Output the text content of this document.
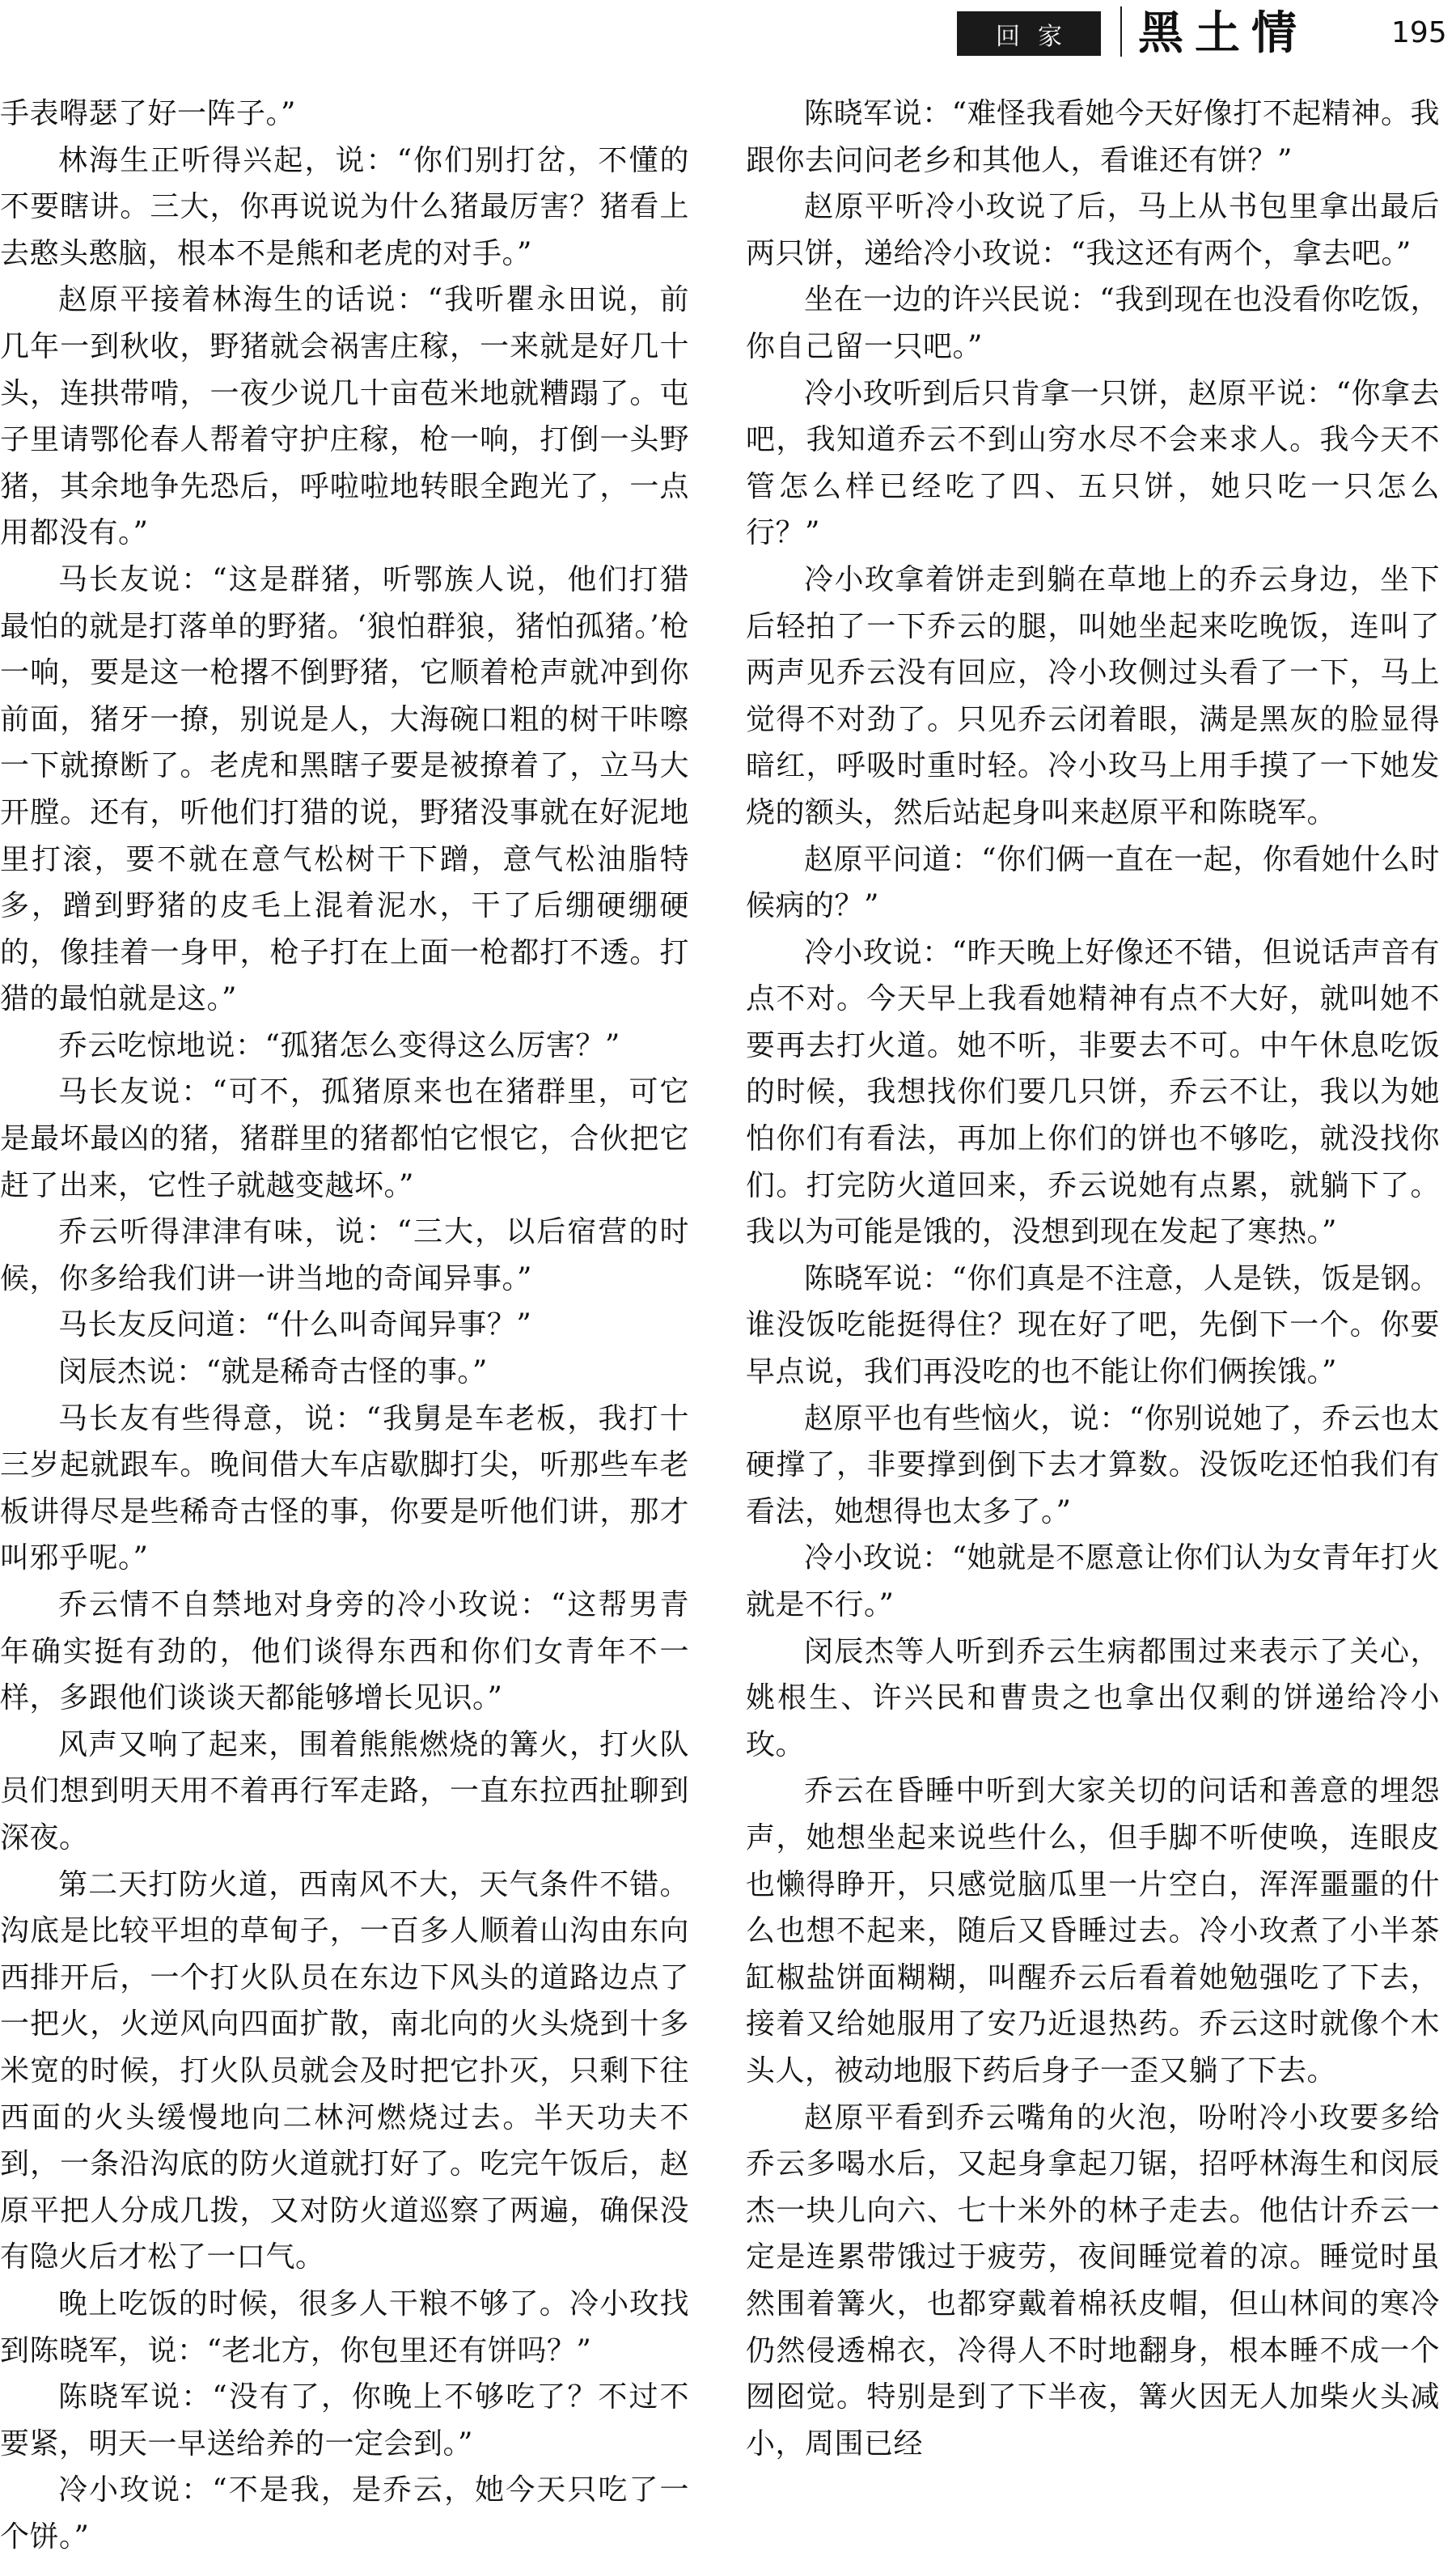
回家	黑土情	195

手表嘚瑟了好一阵子。”

林海生正听得兴起，说：“你们别打岔，不懂的不要瞎讲。三大，你再说说为什么猪最厉害？猪看上去憨头憨脑，根本不是熊和老虎的对手。”

赵原平接着林海生的话说：“我听瞿永田说，前几年一到秋收，野猪就会祸害庄稼，一来就是好几十头，连拱带啃，一夜少说几十亩苞米地就糟蹋了。屯子里请鄂伦春人帮着守护庄稼，枪一响，打倒一头野猪，其余地争先恐后，呼啦啦地转眼全跑光了，一点用都没有。”

马长友说：“这是群猪，听鄂族人说，他们打猎最怕的就是打落单的野猪。‘狼怕群狼，猪怕孤猪。’枪一响，要是这一枪撂不倒野猪，它顺着枪声就冲到你前面，猪牙一撩，别说是人，大海碗口粗的树干咔嚓一下就撩断了。老虎和黑瞎子要是被撩着了，立马大开膛。还有，听他们打猎的说，野猪没事就在好泥地里打滚，要不就在意气松树干下蹭，意气松油脂特多，蹭到野猪的皮毛上混着泥水，干了后绷硬绷硬的，像挂着一身甲，枪子打在上面一枪都打不透。打猎的最怕就是这。”

乔云吃惊地说：“孤猪怎么变得这么厉害？”

马长友说：“可不，孤猪原来也在猪群里，可它是最坏最凶的猪，猪群里的猪都怕它恨它，合伙把它赶了出来，它性子就越变越坏。”

乔云听得津津有味，说：“三大，以后宿营的时候，你多给我们讲一讲当地的奇闻异事。”

马长友反问道：“什么叫奇闻异事？”

闵辰杰说：“就是稀奇古怪的事。”

马长友有些得意，说：“我舅是车老板，我打十三岁起就跟车。晚间借大车店歇脚打尖，听那些车老板讲得尽是些稀奇古怪的事，你要是听他们讲，那才叫邪乎呢。”

乔云情不自禁地对身旁的冷小玫说：“这帮男青年确实挺有劲的，他们谈得东西和你们女青年不一样，多跟他们谈谈天都能够增长见识。”

风声又响了起来，围着熊熊燃烧的篝火，打火队员们想到明天用不着再行军走路，一直东拉西扯聊到深夜。

第二天打防火道，西南风不大，天气条件不错。沟底是比较平坦的草甸子，一百多人顺着山沟由东向西排开后，一个打火队员在东边下风头的道路边点了一把火，火逆风向四面扩散，南北向的火头烧到十多米宽的时候，打火队员就会及时把它扑灭，只剩下往西面的火头缓慢地向二林河燃烧过去。半天功夫不到，一条沿沟底的防火道就打好了。吃完午饭后，赵原平把人分成几拨，又对防火道巡察了两遍，确保没有隐火后才松了一口气。

晚上吃饭的时候，很多人干粮不够了。冷小玫找到陈晓军，说：“老北方，你包里还有饼吗？”

陈晓军说：“没有了，你晚上不够吃了？不过不要紧，明天一早送给养的一定会到。”

冷小玫说：“不是我，是乔云，她今天只吃了一个饼。”

陈晓军说：“难怪我看她今天好像打不起精神。我跟你去问问老乡和其他人，看谁还有饼？”

赵原平听冷小玫说了后，马上从书包里拿出最后两只饼，递给冷小玫说：“我这还有两个，拿去吧。”

坐在一边的许兴民说：“我到现在也没看你吃饭，你自己留一只吧。”

冷小玫听到后只肯拿一只饼，赵原平说：“你拿去吧，我知道乔云不到山穷水尽不会来求人。我今天不管怎么样已经吃了四、五只饼，她只吃一只怎么行？”

冷小玫拿着饼走到躺在草地上的乔云身边，坐下后轻拍了一下乔云的腿，叫她坐起来吃晚饭，连叫了两声见乔云没有回应，冷小玫侧过头看了一下，马上觉得不对劲了。只见乔云闭着眼，满是黑灰的脸显得暗红，呼吸时重时轻。冷小玫马上用手摸了一下她发烧的额头，然后站起身叫来赵原平和陈晓军。

赵原平问道：“你们俩一直在一起，你看她什么时候病的？”

冷小玫说：“昨天晚上好像还不错，但说话声音有点不对。今天早上我看她精神有点不大好，就叫她不要再去打火道。她不听，非要去不可。中午休息吃饭的时候，我想找你们要几只饼，乔云不让，我以为她怕你们有看法，再加上你们的饼也不够吃，就没找你们。打完防火道回来，乔云说她有点累，就躺下了。我以为可能是饿的，没想到现在发起了寒热。”

陈晓军说：“你们真是不注意，人是铁，饭是钢。谁没饭吃能挺得住？现在好了吧，先倒下一个。你要早点说，我们再没吃的也不能让你们俩挨饿。”

赵原平也有些恼火，说：“你别说她了，乔云也太硬撑了，非要撑到倒下去才算数。没饭吃还怕我们有看法，她想得也太多了。”

冷小玫说：“她就是不愿意让你们认为女青年打火就是不行。”

闵辰杰等人听到乔云生病都围过来表示了关心，姚根生、许兴民和曹贵之也拿出仅剩的饼递给冷小玫。

乔云在昏睡中听到大家关切的问话和善意的埋怨声，她想坐起来说些什么，但手脚不听使唤，连眼皮也懒得睁开，只感觉脑瓜里一片空白，浑浑噩噩的什么也想不起来，随后又昏睡过去。冷小玫煮了小半茶缸椒盐饼面糊糊，叫醒乔云后看着她勉强吃了下去，接着又给她服用了安乃近退热药。乔云这时就像个木头人，被动地服下药后身子一歪又躺了下去。

赵原平看到乔云嘴角的火泡，吩咐冷小玫要多给乔云多喝水后，又起身拿起刀锯，招呼林海生和闵辰杰一块儿向六、七十米外的林子走去。他估计乔云一定是连累带饿过于疲劳，夜间睡觉着的凉。睡觉时虽然围着篝火，也都穿戴着棉袄皮帽，但山林间的寒冷仍然侵透棉衣，冷得人不时地翻身，根本睡不成一个囫囵觉。特别是到了下半夜，篝火因无人加柴火头减小，周围已经
